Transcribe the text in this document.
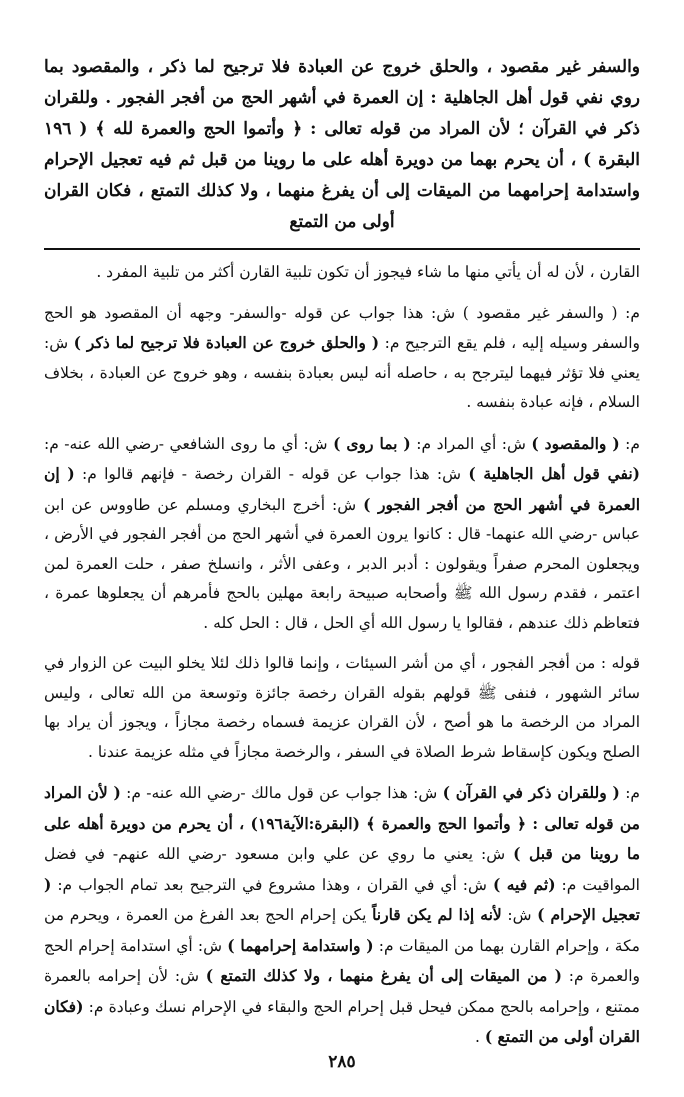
والسفر غير مقصود ، والحلق خروج عن العبادة فلا ترجيح لما ذكر ، والمقصود بما روي نفي قول أهل الجاهلية : إن العمرة في أشهر الحج من أفجر الفجور . وللقران ذكر في القرآن ؛ لأن المراد من قوله تعالى : ﴿ وأتموا الحج والعمرة لله ﴾ ( ١٩٦ البقرة ) ، أن يحرم بهما من دويرة أهله على ما روينا من قبل ثم فيه تعجيل الإحرام واستدامة إحرامهما من الميقات إلى أن يفرغ منهما ، ولا كذلك التمتع ، فكان القران أولى من التمتع

القارن ، لأن له أن يأتي منها ما شاء فيجوز أن تكون تلبية القارن أكثر من تلبية المفرد .

م: ( والسفر غير مقصود ) ش: هذا جواب عن قوله -والسفر- وجهه أن المقصود هو الحج والسفر وسيله إليه ، فلم يقع الترجيح م: ( والحلق خروج عن العبادة فلا ترجيح لما ذكر ) ش: يعني فلا تؤثر فيهما ليترجح به ، حاصله أنه ليس بعبادة بنفسه ، وهو خروج عن العبادة ، بخلاف السلام ، فإنه عبادة بنفسه .

م: ( والمقصود ) ش: أي المراد م: ( بما روى ) ش: أي ما روى الشافعي -رضي الله عنه- م: (نفي قول أهل الجاهلية ) ش: هذا جواب عن قوله - القران رخصة - فإنهم قالوا م: ( إن العمرة في أشهر الحج من أفجر الفجور ) ش: أخرج البخاري ومسلم عن طاووس عن ابن عباس -رضي الله عنهما- قال : كانوا يرون العمرة في أشهر الحج من أفجر الفجور في الأرض ، ويجعلون المحرم صفراً ويقولون : أدبر الدبر ، وعفى الأثر ، وانسلخ صفر ، حلت العمرة لمن اعتمر ، فقدم رسول الله ﷺ وأصحابه صبيحة رابعة مهلين بالحج فأمرهم أن يجعلوها عمرة ، فتعاظم ذلك عندهم ، فقالوا يا رسول الله أي الحل ، قال : الحل كله .

قوله : من أفجر الفجور ، أي من أشر السيئات ، وإنما قالوا ذلك لئلا يخلو البيت عن الزوار في سائر الشهور ، فنفى ﷺ قولهم بقوله القران رخصة جائزة وتوسعة من الله تعالى ، وليس المراد من الرخصة ما هو أصح ، لأن القران عزيمة فسماه رخصة مجازاً ، ويجوز أن يراد بها الصلح ويكون كإسقاط شرط الصلاة في السفر ، والرخصة مجازاً في مثله عزيمة عندنا .

م: ( وللقران ذكر في القرآن ) ش: هذا جواب عن قول مالك -رضي الله عنه- م: ( لأن المراد من قوله تعالى : ﴿ وأتموا الحج والعمرة ﴾ (البقرة:الآية١٩٦) ، أن يحرم من دويرة أهله على ما روينا من قبل ) ش: يعني ما روي عن علي وابن مسعود -رضي الله عنهم- في فضل المواقيت م: (ثم فيه ) ش: أي في القران ، وهذا مشروع في الترجيح بعد تمام الجواب م: ( تعجيل الإحرام ) ش: لأنه إذا لم يكن قارناً يكن إحرام الحج بعد الفرغ من العمرة ، ويحرم من مكة ، وإحرام القارن بهما من الميقات م: ( واستدامة إحرامهما ) ش: أي استدامة إحرام الحج والعمرة م: ( من الميقات إلى أن يفرغ منهما ، ولا كذلك التمتع ) ش: لأن إحرامه بالعمرة ممتنع ، وإحرامه بالحج ممكن فيحل قبل إحرام الحج والبقاء في الإحرام نسك وعبادة م: (فكان القران أولى من التمتع ) .

٢٨٥
